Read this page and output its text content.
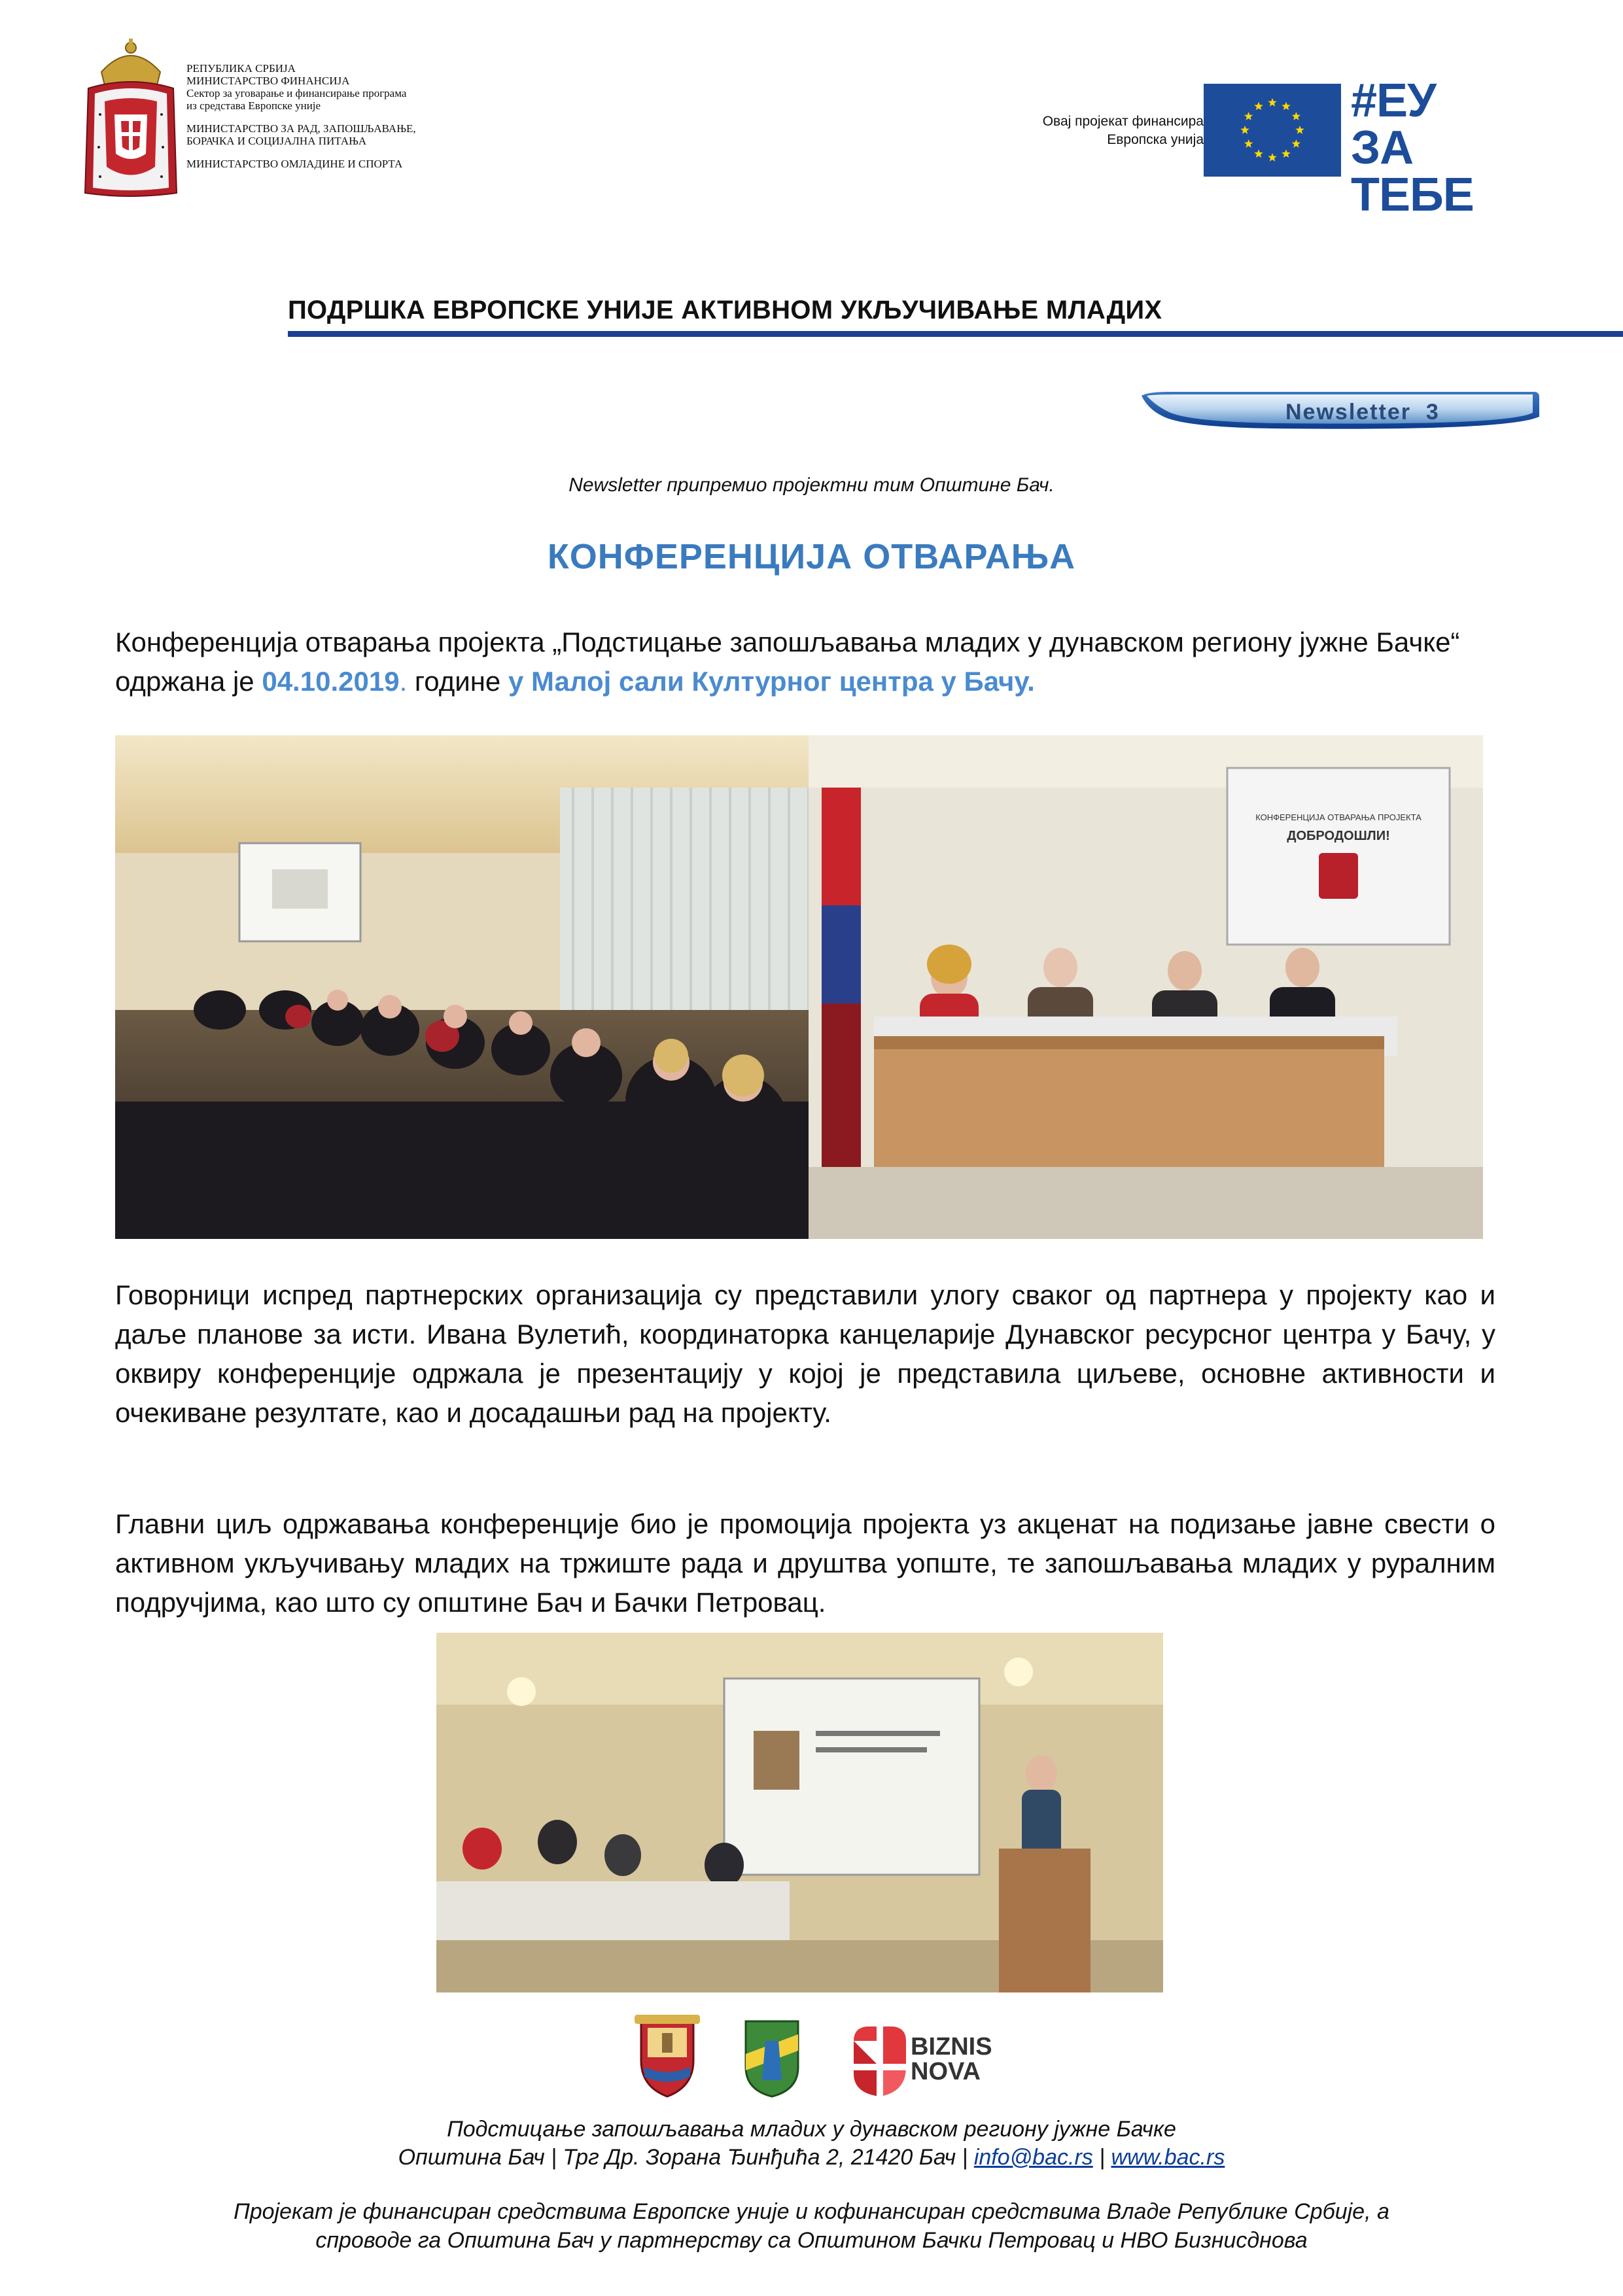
РЕПУБЛИКА СРБИЈА
МИНИСТАРСТВО ФИНАНСИЈА
Сектор за уговарање и финансирање програма
из средстава Европске уније
МИНИСТАРСТВО ЗА РАД, ЗАПОШЉАВАЊЕ,
БОРАЧКА И СОЦИЈАЛНА ПИТАЊА
МИНИСТАРСТВО ОМЛАДИНЕ И СПОРТА
Овај пројекат финансира
Европска унија
#ЕУ
ЗА ТЕБЕ
ПОДРШКА ЕВРОПСКЕ УНИЈЕ АКТИВНОМ УКЉУЧИВАЊЕ МЛАДИХ
Newsletter  3
Newsletter припремио пројектни тим Општине Бач.
КОНФЕРЕНЦИЈА ОТВАРАЊА
Конференција отварања пројекта „Подстицање запошљавања младих у дунавском региону јужне Бачке“ одржана је 04.10.2019. године у Малој сали Културног центра у Бачу.
КОНФЕРЕНЦИЈА ОТВАРАЊА ПРОЈЕКТА
ДОБРОДОШЛИ!
Говорници испред партнерских организација су представили улогу сваког од партнера у пројекту као и даље планове за исти. Ивана Вулетић, координаторка канцеларије Дунавског ресурсног центра у Бачу, у оквиру конференције одржала је презентацију у којој је представила циљеве, основне активности и очекиване резултате, као и досадашњи рад на пројекту.
Главни циљ одржавања конференције био је промоција пројекта уз акценат на подизање јавне свести о активном укључивању младих на тржиште рада и друштва уопште, те запошљавања младих у руралним подручјима, као што су општине Бач и Бачки Петровац.
BIZNIS
NOVA
Подстицање запошљавања младих у дунавском региону јужне Бачке
Општина Бач | Трг Др. Зорана Ђинђића 2, 21420 Бач | info@bac.rs | www.bac.rs
Пројекат је финансиран средствима Европске уније и кофинансиран средствима Владе Републике Србије, а
спроводе га Општина Бач у партнерству са Општином Бачки Петровац и НВО Бизнисднова
